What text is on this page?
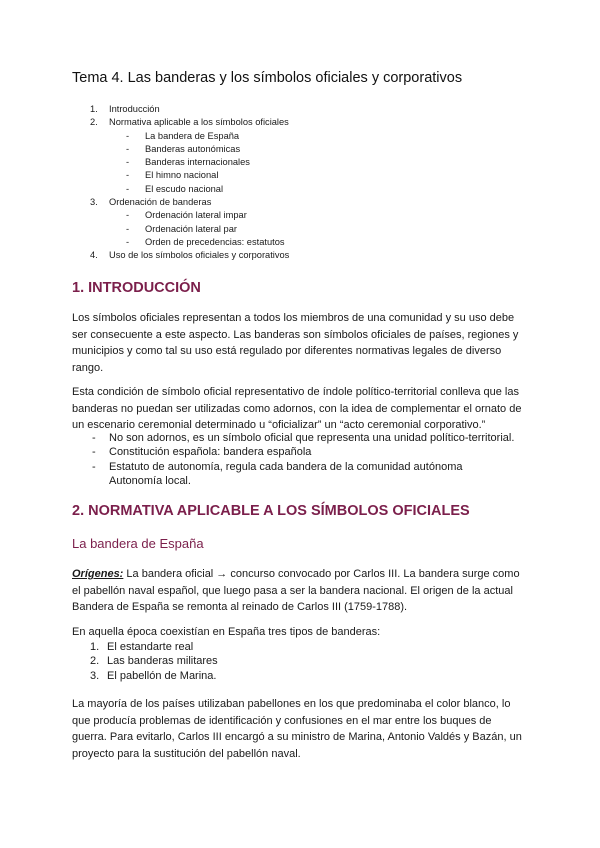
Tema 4. Las banderas y los símbolos oficiales y corporativos
1. Introducción
2. Normativa aplicable a los símbolos oficiales
- La bandera de España
- Banderas autonómicas
- Banderas internacionales
- El himno nacional
- El escudo nacional
3. Ordenación de banderas
- Ordenación lateral impar
- Ordenación lateral par
- Orden de precedencias: estatutos
4. Uso de los símbolos oficiales y corporativos
1. INTRODUCCIÓN
Los símbolos oficiales representan a todos los miembros de una comunidad y su uso debe
ser consecuente a este aspecto. Las banderas son símbolos oficiales de países, regiones y
municipios y como tal su uso está regulado por diferentes normativas legales de diverso
rango.
Esta condición de símbolo oficial representativo de índole político-territorial conlleva que las
banderas no puedan ser utilizadas como adornos, con la idea de complementar el ornato de
un escenario ceremonial determinado u “oficializar” un “acto ceremonial corporativo.”
- No son adornos, es un símbolo oficial que representa una unidad político-territorial.
- Constitución española: bandera española
- Estatuto de autonomía, regula cada bandera de la comunidad autónoma
Autonomía local.
2. NORMATIVA APLICABLE A LOS SÍMBOLOS OFICIALES
La bandera de España
Orígenes: La bandera oficial → concurso convocado por Carlos III. La bandera surge como
el pabellón naval español, que luego pasa a ser la bandera nacional. El origen de la actual
Bandera de España se remonta al reinado de Carlos III (1759-1788).
En aquella época coexistían en España tres tipos de banderas:
1. El estandarte real
2. Las banderas militares
3. El pabellón de Marina.
La mayoría de los países utilizaban pabellones en los que predominaba el color blanco, lo
que producía problemas de identificación y confusiones en el mar entre los buques de
guerra. Para evitarlo, Carlos III encargó a su ministro de Marina, Antonio Valdés y Bazán, un
proyecto para la sustitución del pabellón naval.
